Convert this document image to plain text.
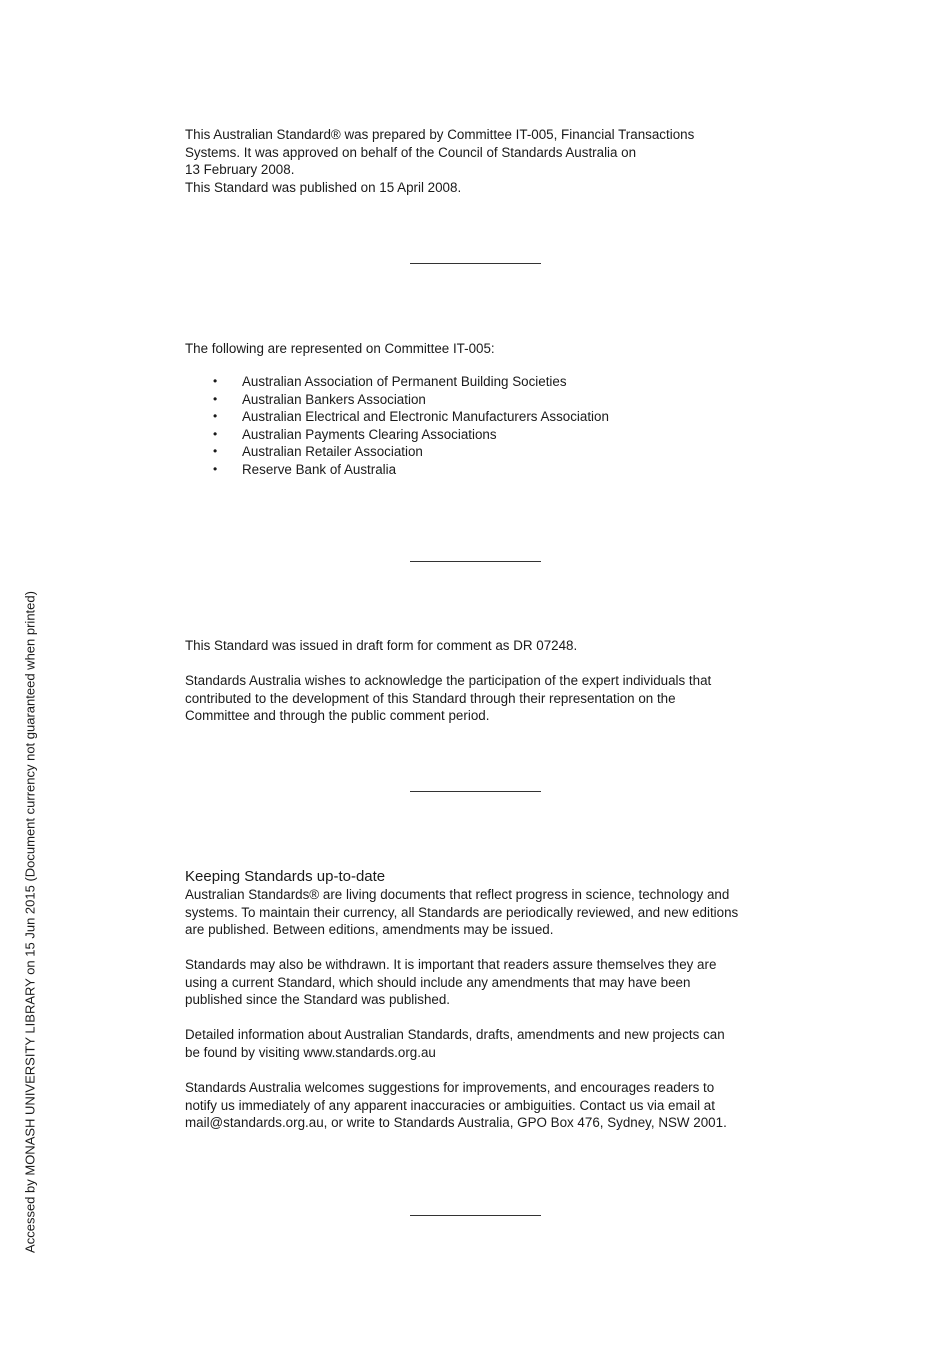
This Australian Standard® was prepared by Committee IT-005, Financial Transactions
Systems. It was approved on behalf of the Council of Standards Australia on
13 February 2008.
This Standard was published on 15 April 2008.

The following are represented on Committee IT-005:

• Australian Association of Permanent Building Societies
• Australian Bankers Association
• Australian Electrical and Electronic Manufacturers Association
• Australian Payments Clearing Associations
• Australian Retailer Association
• Reserve Bank of Australia

This Standard was issued in draft form for comment as DR 07248.

Standards Australia wishes to acknowledge the participation of the expert individuals that
contributed to the development of this Standard through their representation on the
Committee and through the public comment period.

Keeping Standards up-to-date

Australian Standards® are living documents that reflect progress in science, technology and
systems. To maintain their currency, all Standards are periodically reviewed, and new editions
are published. Between editions, amendments may be issued.

Standards may also be withdrawn. It is important that readers assure themselves they are
using a current Standard, which should include any amendments that may have been
published since the Standard was published.

Detailed information about Australian Standards, drafts, amendments and new projects can
be found by visiting www.standards.org.au

Standards Australia welcomes suggestions for improvements, and encourages readers to
notify us immediately of any apparent inaccuracies or ambiguities. Contact us via email at
mail@standards.org.au, or write to Standards Australia, GPO Box 476, Sydney, NSW 2001.

Accessed by MONASH UNIVERSITY LIBRARY on 15 Jun 2015 (Document currency not guaranteed when printed)
